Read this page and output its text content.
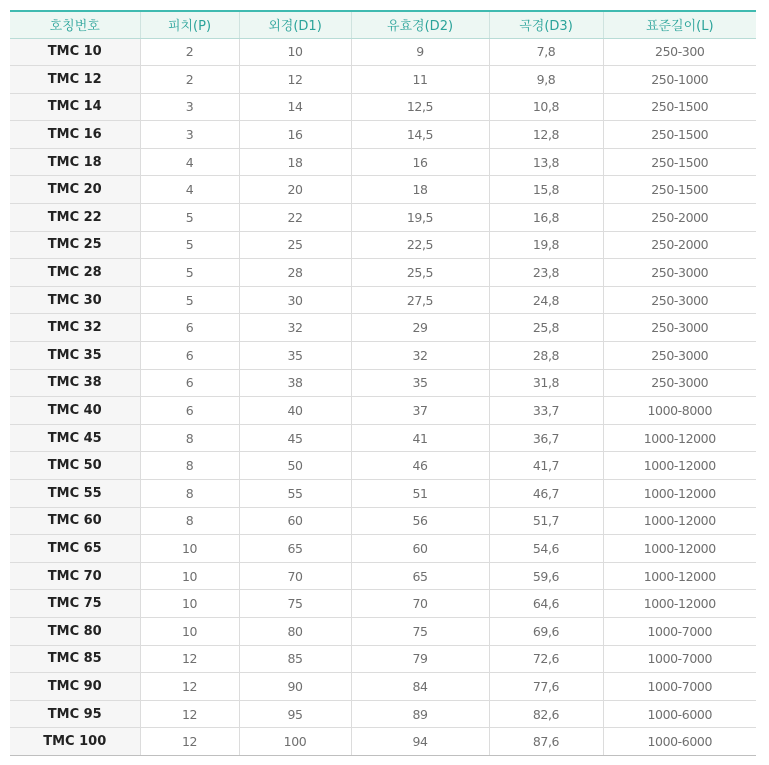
호칭번호	피치(P)	외경(D1)	유효경(D2)	곡경(D3)	표준길이(L)
TMC 10	2	10	9	7,8	250-300
TMC 12	2	12	11	9,8	250-1000
TMC 14	3	14	12,5	10,8	250-1500
TMC 16	3	16	14,5	12,8	250-1500
TMC 18	4	18	16	13,8	250-1500
TMC 20	4	20	18	15,8	250-1500
TMC 22	5	22	19,5	16,8	250-2000
TMC 25	5	25	22,5	19,8	250-2000
TMC 28	5	28	25,5	23,8	250-3000
TMC 30	5	30	27,5	24,8	250-3000
TMC 32	6	32	29	25,8	250-3000
TMC 35	6	35	32	28,8	250-3000
TMC 38	6	38	35	31,8	250-3000
TMC 40	6	40	37	33,7	1000-8000
TMC 45	8	45	41	36,7	1000-12000
TMC 50	8	50	46	41,7	1000-12000
TMC 55	8	55	51	46,7	1000-12000
TMC 60	8	60	56	51,7	1000-12000
TMC 65	10	65	60	54,6	1000-12000
TMC 70	10	70	65	59,6	1000-12000
TMC 75	10	75	70	64,6	1000-12000
TMC 80	10	80	75	69,6	1000-7000
TMC 85	12	85	79	72,6	1000-7000
TMC 90	12	90	84	77,6	1000-7000
TMC 95	12	95	89	82,6	1000-6000
TMC 100	12	100	94	87,6	1000-6000
